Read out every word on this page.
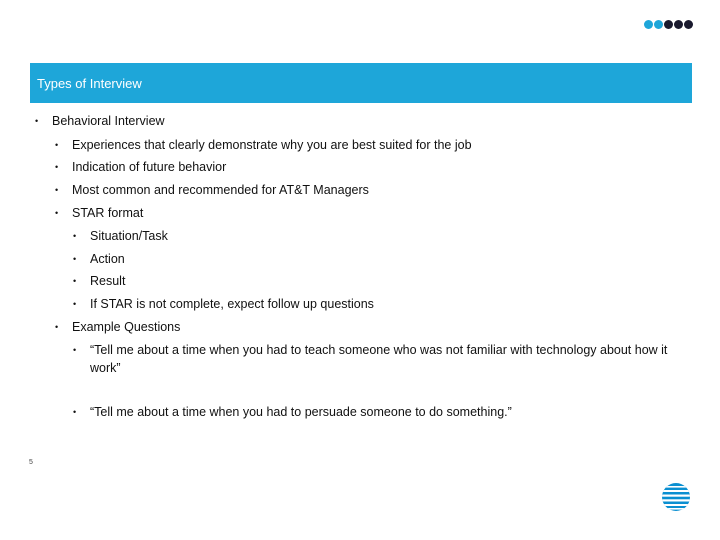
Types of Interview
• Behavioral Interview
• Experiences that clearly demonstrate why you are best suited for the job
• Indication of future behavior
• Most common and recommended for AT&T Managers
• STAR format
• Situation/Task
• Action
• Result
• If STAR is not complete, expect follow up questions
• Example Questions
• “Tell me about a time when you had to teach someone who was not familiar with technology about how it work”
• “Tell me about a time when you had to persuade someone to do something.”
5
